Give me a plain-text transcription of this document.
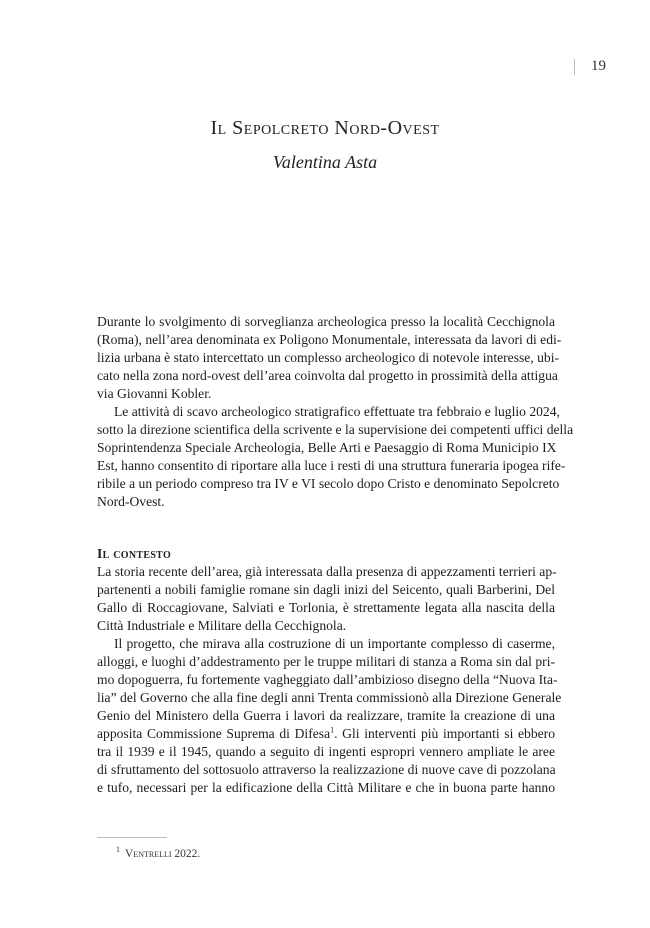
19
Il Sepolcreto Nord-Ovest
Valentina Asta
Durante lo svolgimento di sorveglianza archeologica presso la località Cecchignola
(Roma), nell’area denominata ex Poligono Monumentale, interessata da lavori di edi-
lizia urbana è stato intercettato un complesso archeologico di notevole interesse, ubi-
cato nella zona nord-ovest dell’area coinvolta dal progetto in prossimità della attigua
via Giovanni Kobler.
Le attività di scavo archeologico stratigrafico effettuate tra febbraio e luglio 2024,
sotto la direzione scientifica della scrivente e la supervisione dei competenti uffici della
Soprintendenza Speciale Archeologia, Belle Arti e Paesaggio di Roma Municipio IX
Est, hanno consentito di riportare alla luce i resti di una struttura funeraria ipogea rife-
ribile a un periodo compreso tra IV e VI secolo dopo Cristo e denominato Sepolcreto
Nord-Ovest.
Il contesto
La storia recente dell’area, già interessata dalla presenza di appezzamenti terrieri ap-
partenenti a nobili famiglie romane sin dagli inizi del Seicento, quali Barberini, Del
Gallo di Roccagiovane, Salviati e Torlonia, è strettamente legata alla nascita della
Città Industriale e Militare della Cecchignola.
Il progetto, che mirava alla costruzione di un importante complesso di caserme,
alloggi, e luoghi d’addestramento per le truppe militari di stanza a Roma sin dal pri-
mo dopoguerra, fu fortemente vagheggiato dall’ambizioso disegno della “Nuova Ita-
lia” del Governo che alla fine degli anni Trenta commissionò alla Direzione Generale
Genio del Ministero della Guerra i lavori da realizzare, tramite la creazione di una
apposita Commissione Suprema di Difesa$^1$. Gli interventi più importanti si ebbero
tra il 1939 e il 1945, quando a seguito di ingenti espropri vennero ampliate le aree
di sfruttamento del sottosuolo attraverso la realizzazione di nuove cave di pozzolana
e tufo, necessari per la edificazione della Città Militare e che in buona parte hanno
$^1$ Ventrelli 2022.
